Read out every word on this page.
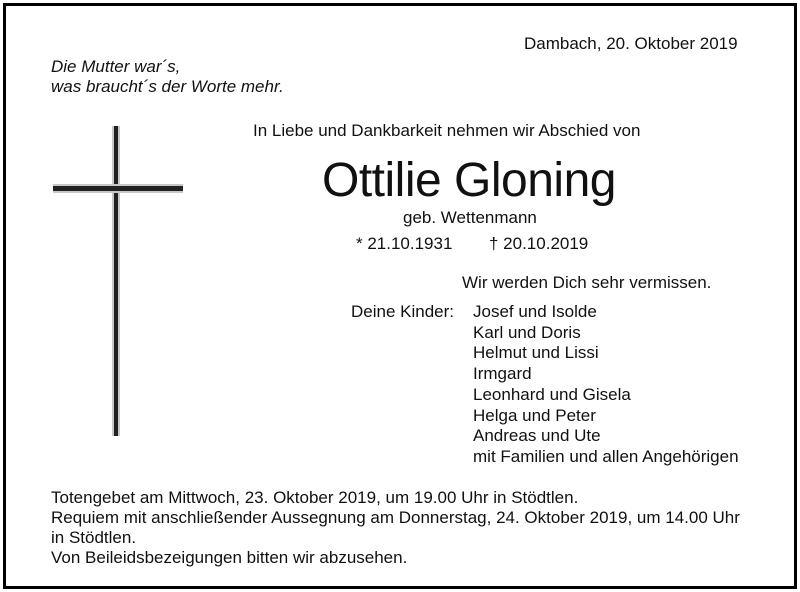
Dambach, 20. Oktober 2019
Die Mutter war´s,
was braucht´s der Worte mehr.
In Liebe und Dankbarkeit nehmen wir Abschied von
Ottilie Gloning
geb. Wettenmann
* 21.10.1931 † 20.10.2019
Wir werden Dich sehr vermissen.
Deine Kinder: Josef und Isolde
Karl und Doris
Helmut und Lissi
Irmgard
Leonhard und Gisela
Helga und Peter
Andreas und Ute
mit Familien und allen Angehörigen
Totengebet am Mittwoch, 23. Oktober 2019, um 19.00 Uhr in Stödtlen.
Requiem mit anschließender Aussegnung am Donnerstag, 24. Oktober 2019, um 14.00 Uhr
in Stödtlen.
Von Beileidsbezeigungen bitten wir abzusehen.
